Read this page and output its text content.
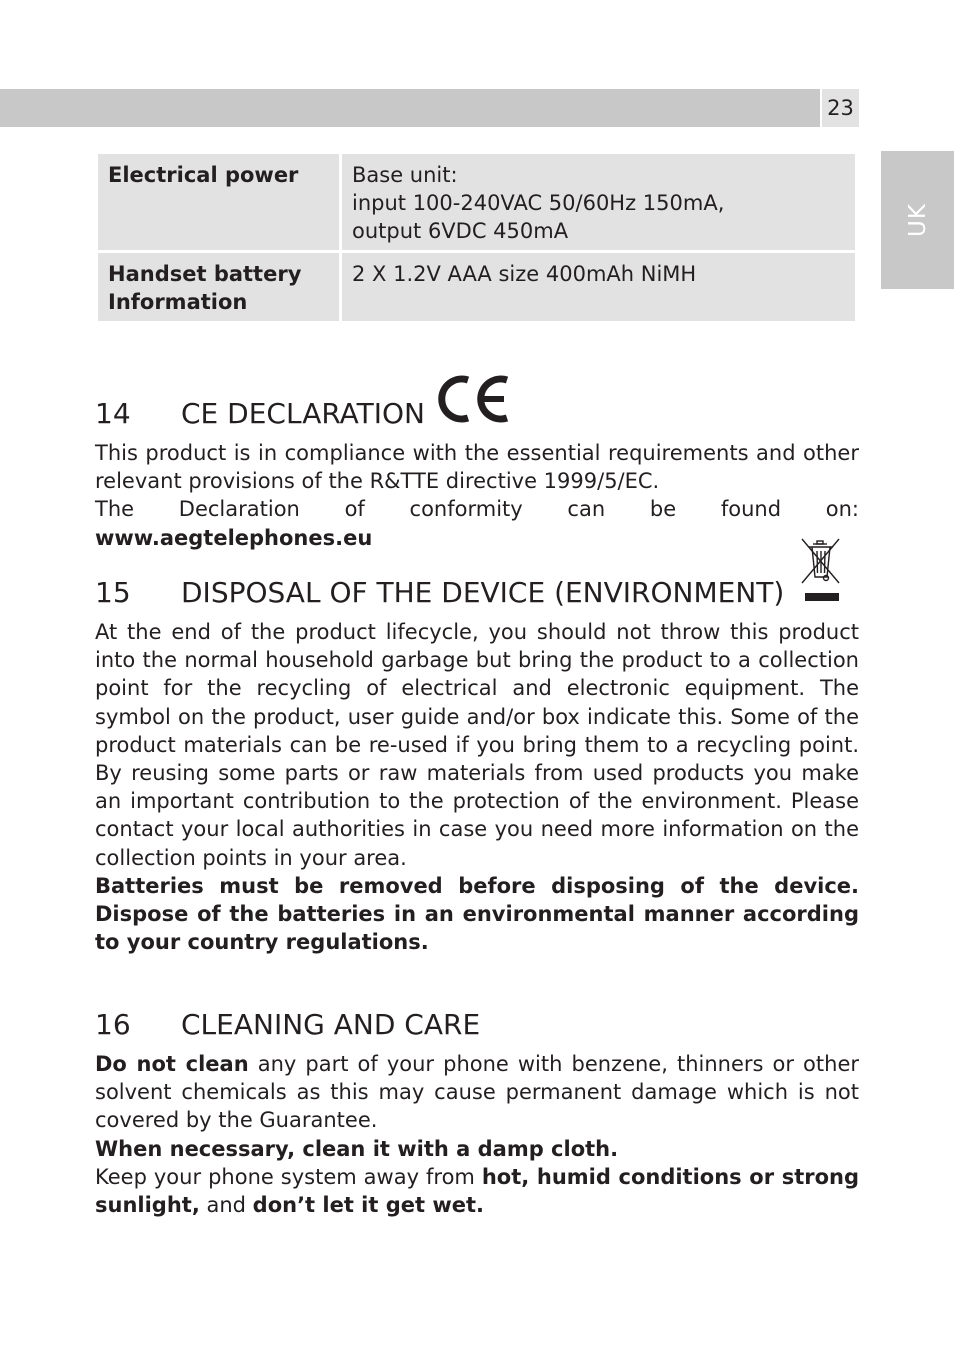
23
UK
Electrical power	Base unit:
input 100-240VAC 50/60Hz 150mA,
output 6VDC 450mA

Handset battery
Information	2 X 1.2V AAA size 400mAh NiMH
14 CE DECLARATION
CE
This product is in compliance with the essential requirements and other relevant provisions of the R&TTE directive 1999/5/EC.
The Declaration of conformity can be found on: www.aegtelephones.eu
15 DISPOSAL OF THE DEVICE (ENVIRONMENT)
At the end of the product lifecycle, you should not throw this product into the normal household garbage but bring the product to a collection point for the recycling of electrical and electronic equipment. The symbol on the product, user guide and/or box indicate this. Some of the product materials can be re-used if you bring them to a recycling point. By reusing some parts or raw materials from used products you make an important contribution to the protection of the environment. Please contact your local authorities in case you need more information on the collection points in your area.
Batteries must be removed before disposing of the device. Dispose of the batteries in an environmental manner according to your country regulations.
16 CLEANING AND CARE
Do not clean any part of your phone with benzene, thinners or other solvent chemicals as this may cause permanent damage which is not covered by the Guarantee.
When necessary, clean it with a damp cloth.
Keep your phone system away from hot, humid conditions or strong sunlight, and don’t let it get wet.
